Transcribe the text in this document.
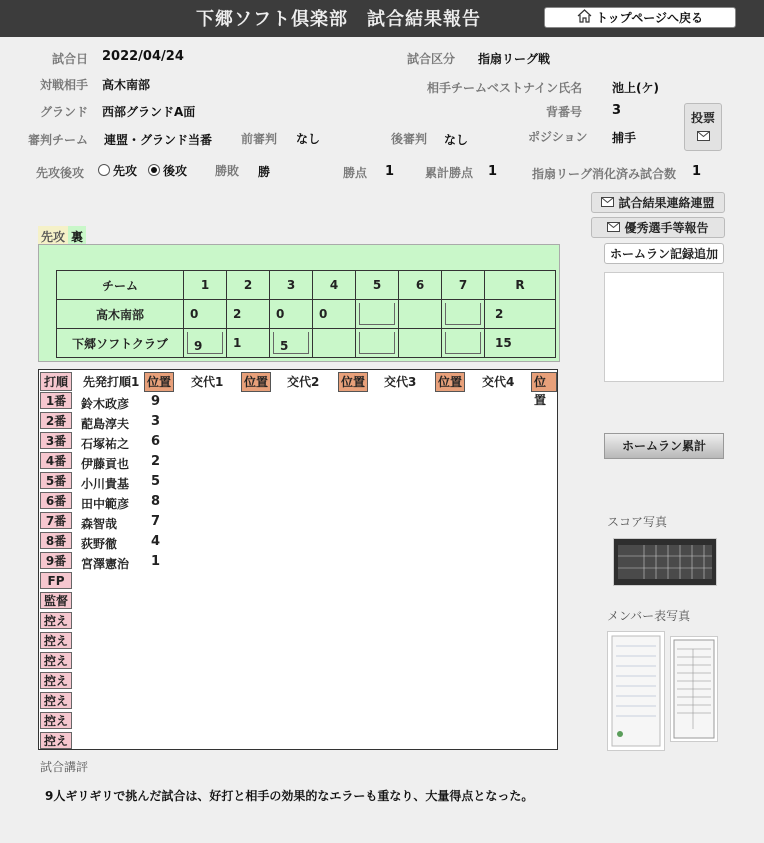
下郷ソフト倶楽部　試合結果報告	トップページへ戻る
試合日 2022/04/24	試合区分 指扇リーグ戦
対戦相手 高木南部	相手チームベストナイン氏名 池上(ケ)
グランド 西部グランドA面	背番号 3	投票
審判チーム 連盟・グランド当番 前審判 なし	後審判 なし	ポジション 捕手
先攻後攻	先攻	後攻 勝敗 勝	勝点 1	累計勝点 1	指扇リーグ消化済み試合数 1
試合結果連絡連盟
優秀選手等報告
ホームラン記録追加
ホームラン累計
スコア写真
メンバー表写真
先攻 裏
チーム	1	2	3	4	5	6	7	R
高木南部	0	2	0	0				2
下郷ソフトクラブ	9	1	5					15
打順	先発打順1 位置 交代1 位置 交代2 位置 交代3 位置 交代4 位置
1番	鈴木政彦 9
2番	蓜島淳夫 3
3番	石塚祐之 6
4番	伊藤貢也 2
5番	小川貴基 5
6番	田中範彦 8
7番	森智哉	7
8番	荻野徹	4
9番	宮澤憲治 1
FP
監督
控え
控え
控え
控え
控え
控え
控え
試合講評
9人ギリギリで挑んだ試合は、好打と相手の効果的なエラーも重なり、大量得点となった。
